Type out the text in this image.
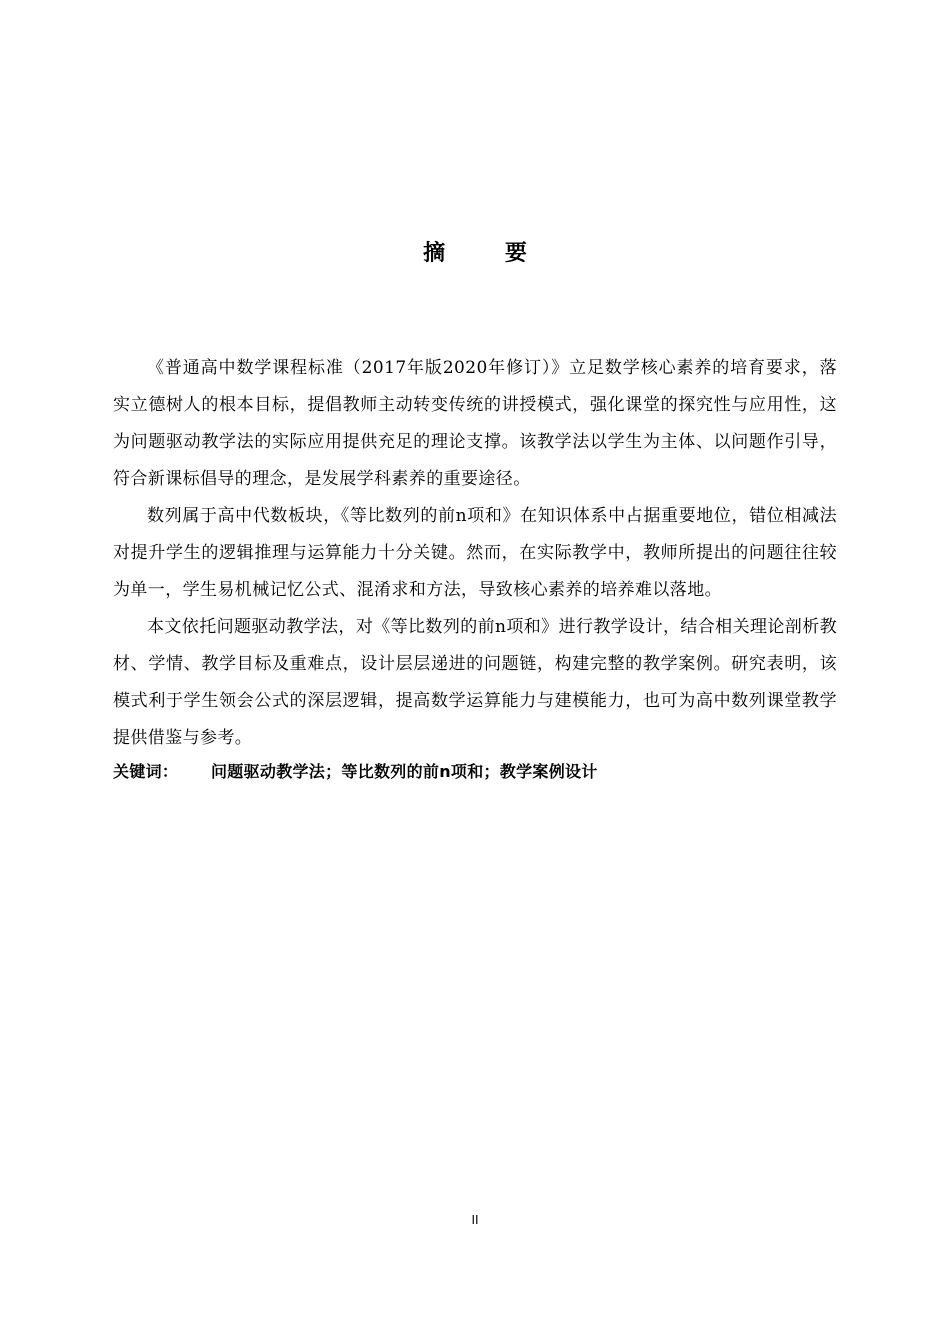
摘 要

《普通高中数学课程标准（2017年版2020年修订）》立足数学核心素养的培育要求，落实立德树人的根本目标，提倡教师主动转变传统的讲授模式，强化课堂的探究性与应用性，这为问题驱动教学法的实际应用提供充足的理论支撑。该教学法以学生为主体、以问题作引导，符合新课标倡导的理念，是发展学科素养的重要途径。

数列属于高中代数板块，《等比数列的前n项和》在知识体系中占据重要地位，错位相减法对提升学生的逻辑推理与运算能力十分关键。然而，在实际教学中，教师所提出的问题往往较为单一，学生易机械记忆公式、混淆求和方法，导致核心素养的培养难以落地。

本文依托问题驱动教学法，对《等比数列的前n项和》进行教学设计，结合相关理论剖析教材、学情、教学目标及重难点，设计层层递进的问题链，构建完整的教学案例。研究表明，该模式利于学生领会公式的深层逻辑，提高数学运算能力与建模能力，也可为高中数列课堂教学提供借鉴与参考。

关键词： 问题驱动教学法；等比数列的前n项和；教学案例设计

II
